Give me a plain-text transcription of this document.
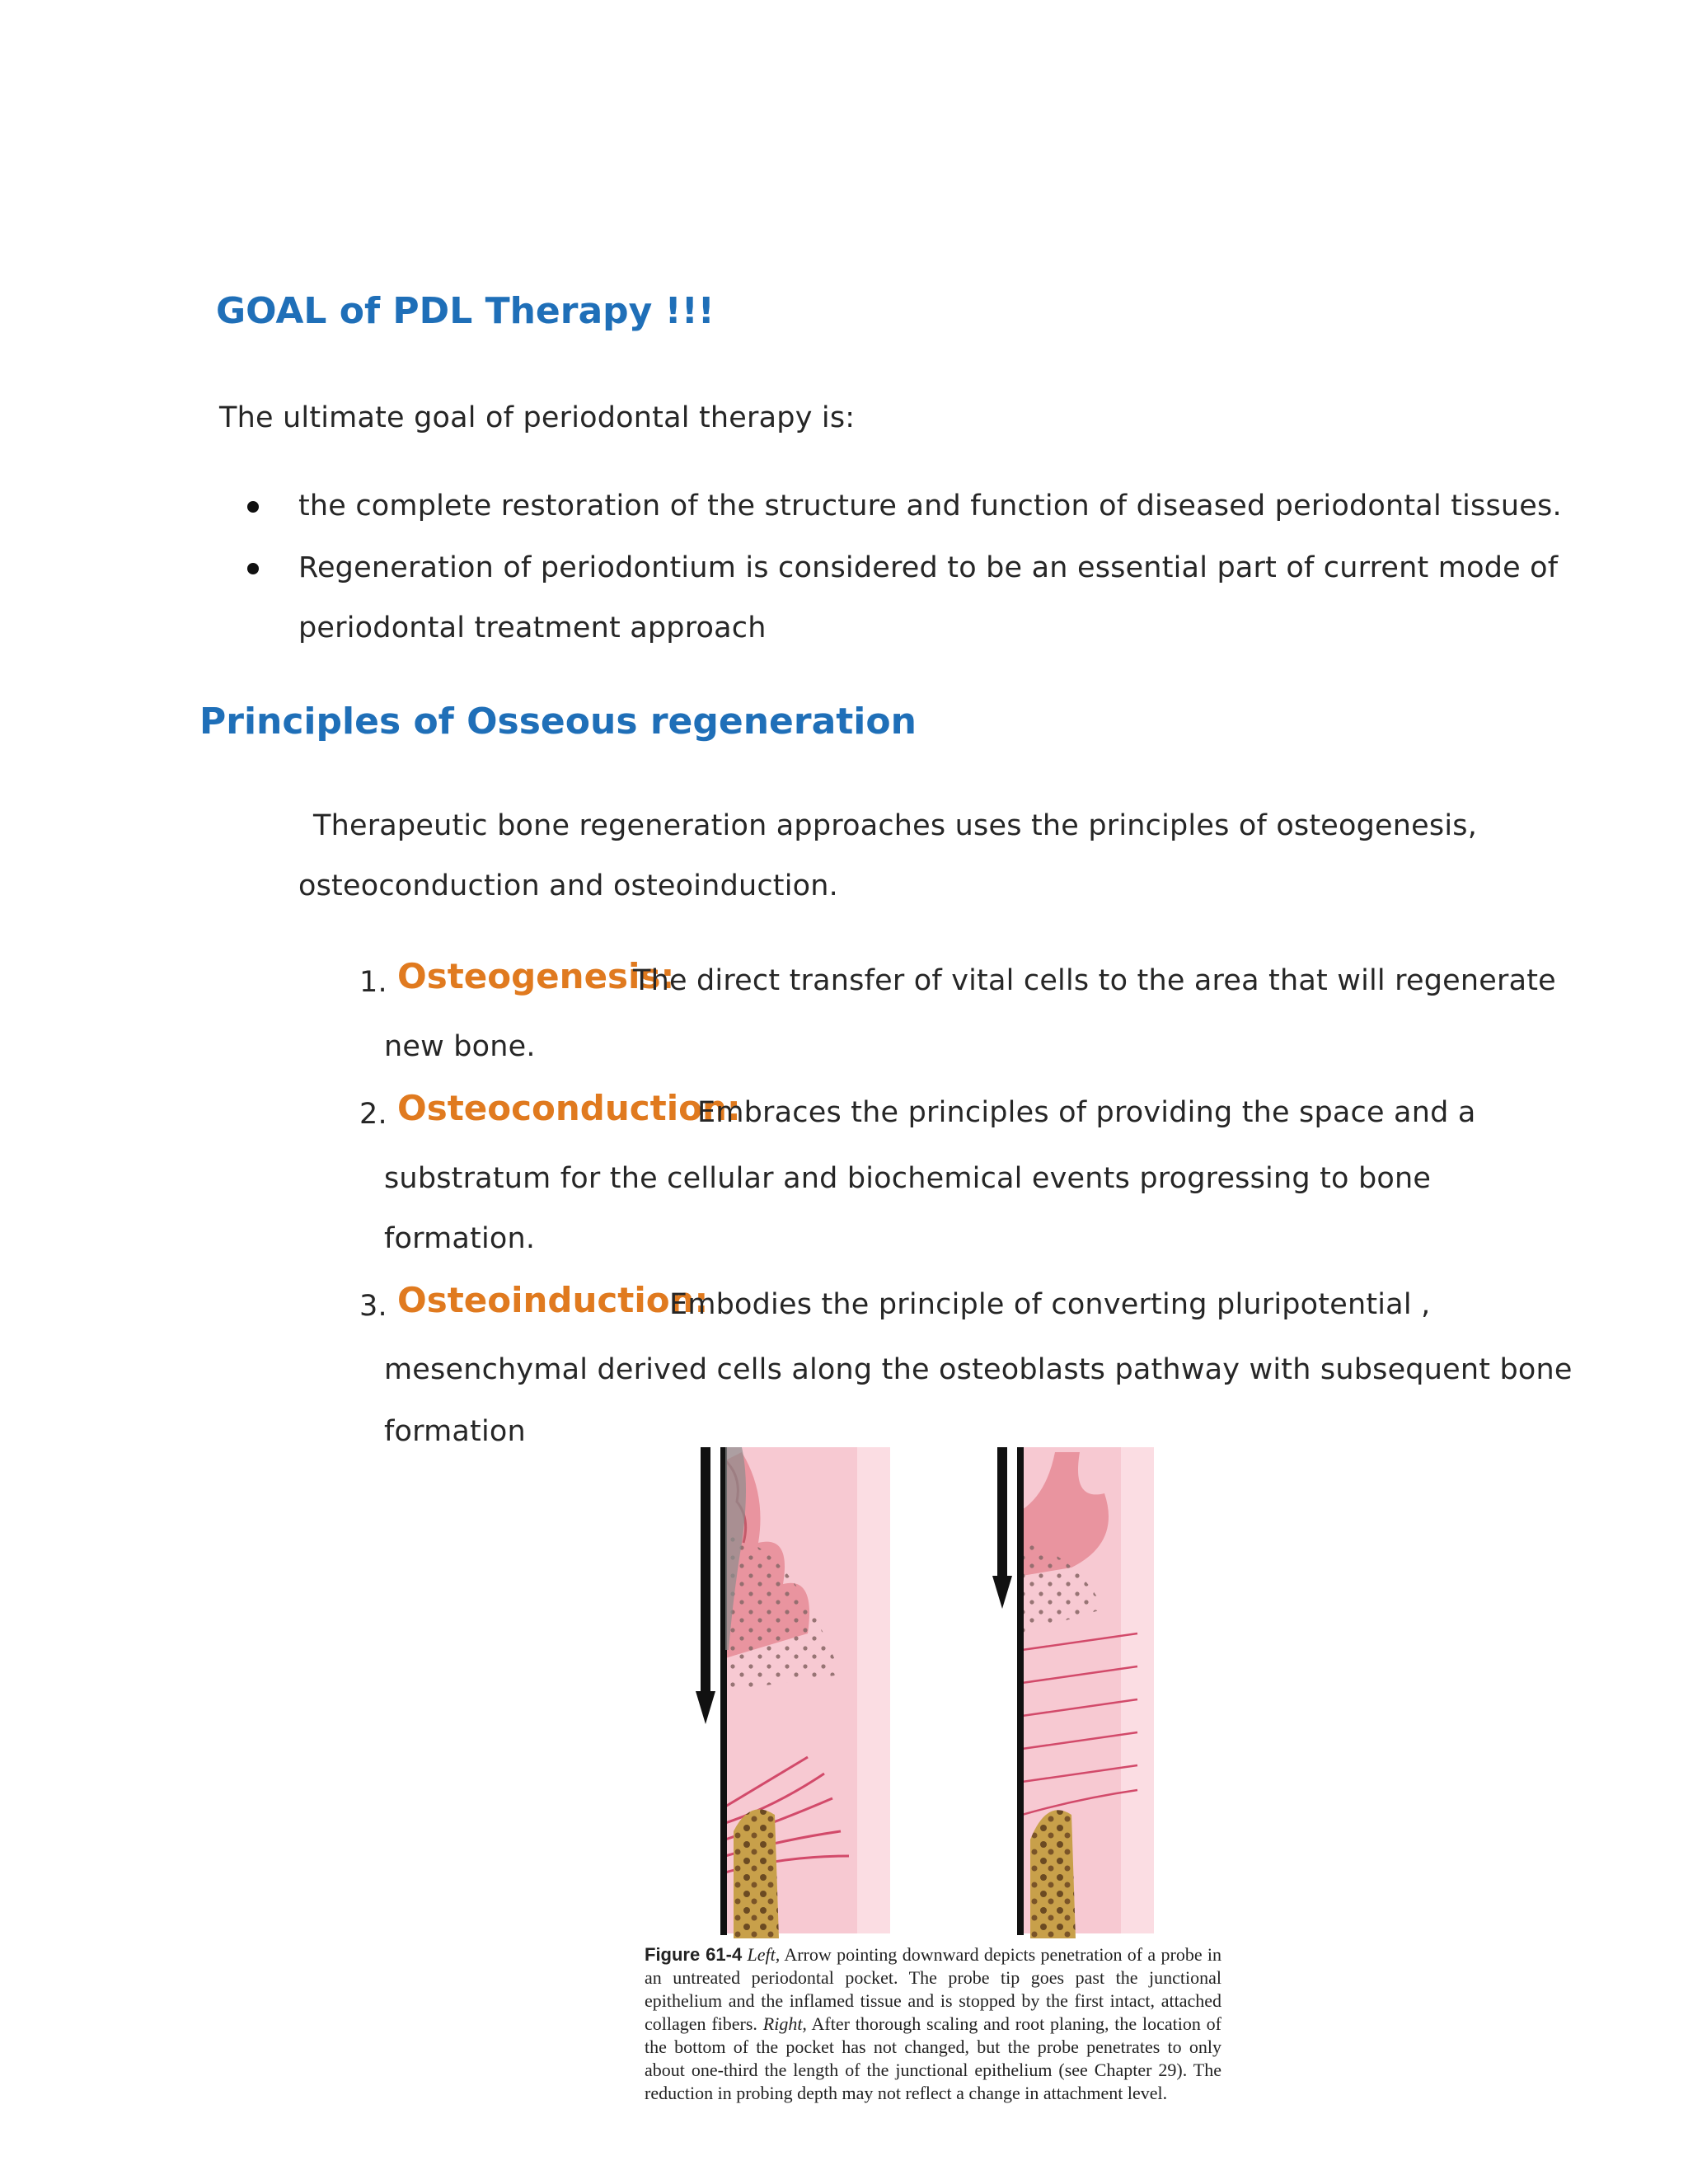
GOAL of PDL Therapy !!!
The ultimate goal of periodontal therapy is:
the complete restoration of the structure and function of diseased periodontal tissues.
Regeneration of periodontium is considered to be an essential part of current mode of
periodontal treatment approach
Principles of Osseous regeneration
Therapeutic bone regeneration approaches uses the principles of osteogenesis,
osteoconduction and osteoinduction.
1. Osteogenesis:
The direct transfer of vital cells to the area that will regenerate
new bone.
2. Osteoconduction:
Embraces the principles of providing the space and a
substratum for the cellular and biochemical events progressing to bone
formation.
3. Osteoinduction:
Embodies the principle of converting pluripotential ,
mesenchymal derived cells along the osteoblasts pathway with subsequent bone
formation
Figure 61-4 Left, Arrow pointing downward depicts penetration of a probe in an untreated periodontal pocket. The probe tip goes past the junctional epithelium and the inflamed tissue and is stopped by the first intact, attached collagen fibers. Right, After thorough scaling and root planing, the location of the bottom of the pocket has not changed, but the probe penetrates to only about one-third the length of the junctional epithelium (see Chapter 29). The reduction in probing depth may not reflect a change in attachment level.
